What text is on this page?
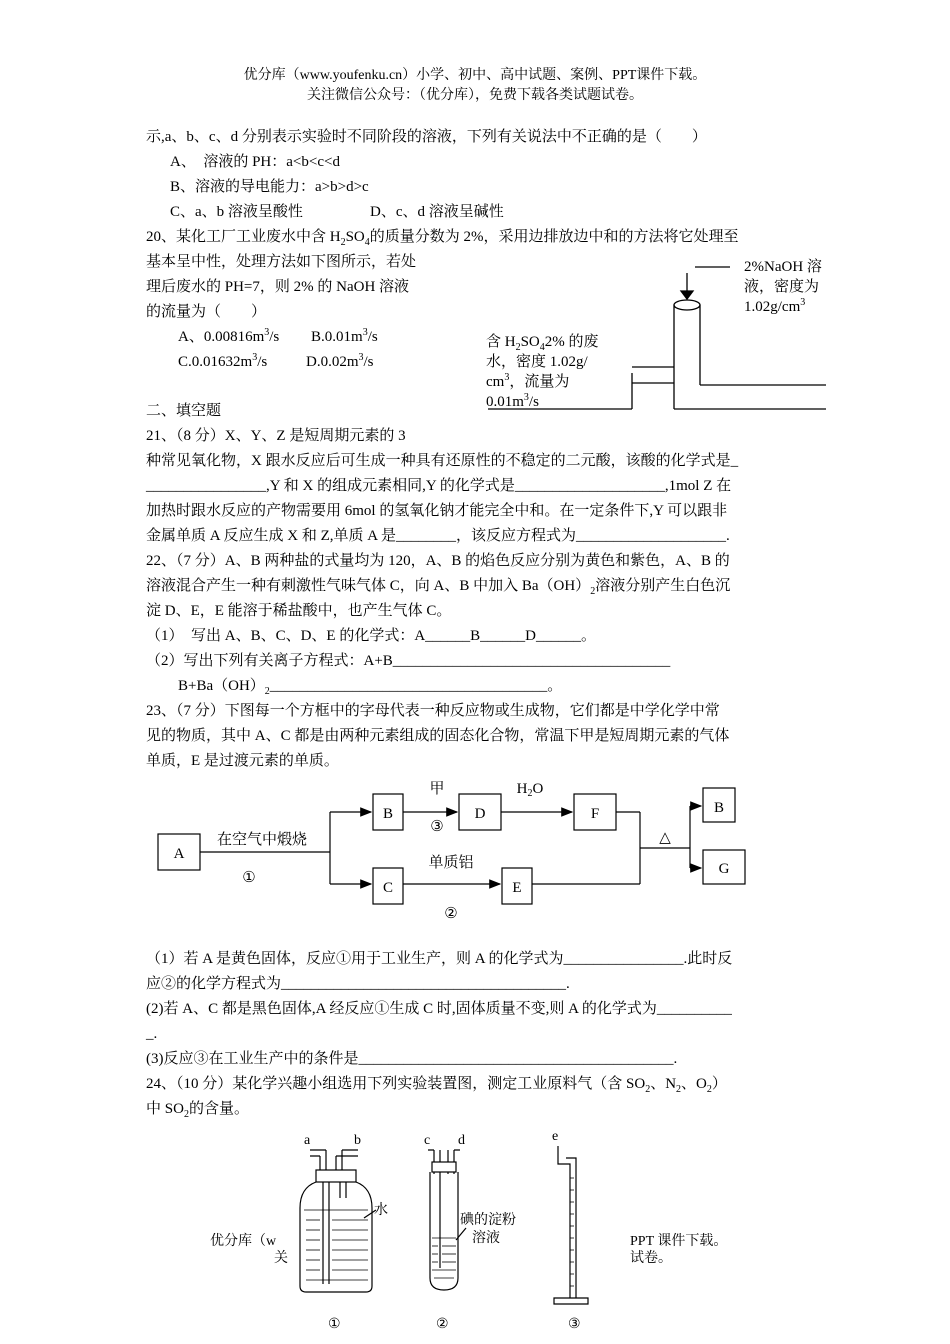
优分库（www.youfenku.cn）小学、初中、高中试题、案例、PPT课件下载。
关注微信公众号：（优分库），免费下载各类试题试卷。
示,a、b、c、d 分别表示实验时不同阶段的溶液，下列有关说法中不正确的是（　　）
A、　溶液的 PH：a<b<c<d
B、溶液的导电能力：a>b>d>c
C、a、b 溶液呈酸性	D、c、d 溶液呈碱性
20、某化工厂工业废水中含 $H_2SO_4$的质量分数为 2%，采用边排放边中和的方法将它处理至
基本呈中性，处理方法如下图所示，若处
理后废水的 PH=7，则 2% 的 NaOH 溶液
的流量为（　　）
A、$0.00816m^3/s$ $B.0.01m^3/s$
$C.0.01632m^3/s$	$D.0.02m^3/s$
2%NaOH 溶
液，密度为
$1.02g/cm^3$
含 $H_2SO_42\%$ 的废
水，密度 1.02g/
$cm^3$，流量为
$0.01m^3/s$
二、填空题
21、（8 分）X、Y、Z 是短周期元素的 3
种常见氧化物，X 跟水反应后可生成一种具有还原性的不稳定的二元酸，该酸的化学式是_
________________,Y 和 X 的组成元素相同,Y 的化学式是____________________,1mol Z 在
加热时跟水反应的产物需要用 6mol 的氢氧化钠才能完全中和。在一定条件下,Y 可以跟非
金属单质 A 反应生成 X 和 Z,单质 A 是________，该反应方程式为____________________.
22、（7 分）A、B 两种盐的式量均为 120，A、B 的焰色反应分别为黄色和紫色，A、B 的
溶液混合产生一种有刺激性气味气体 C，向 A、B 中加入 $Ba(OH)_2$溶液分别产生白色沉
淀 D、E，E 能溶于稀盐酸中，也产生气体 C。
（1）　写出 A、B、C、D、E 的化学式：A______B______D______。
（2）写出下列有关离子方程式：A+B_____________________________________
$B+Ba(OH)_2\_\_\_\_\_\_\_\_\_\_\_\_\_\_\_\_\_\_\_\_\_\_\_\_\_\_\_\_\_\_\_\_\_\_\_\_\_$。
23、（7 分）下图每一个方框中的字母代表一种反应物或生成物，它们都是中学化学中常
见的物质，其中 A、C 都是由两种元素组成的固态化合物，常温下甲是短周期元素的气体
单质，E 是过渡元素的单质。
A
B	D	F
C	E
B
G
在空气中煅烧
①
甲
③
$H_2O$
单质铝
②
△
（1）若 A 是黄色固体，反应①用于工业生产，则 A 的化学式为________________.此时反
应②的化学方程式为______________________________________.
(2)若 A、C 都是黑色固体,A 经反应①生成 C 时,固体质量不变,则 A 的化学式为__________
_.
(3)反应③在工业生产中的条件是__________________________________________.
24、（10 分）某化学兴趣小组选用下列实验装置图，测定工业原料气（含 $SO_2$、$N_2$、$O_2$）
中 $SO_2$的含量。
优分库（w
关
PPT 课件下载。
试卷。
a	b	c d	e
水
碘的淀粉
溶液
①	②	③
